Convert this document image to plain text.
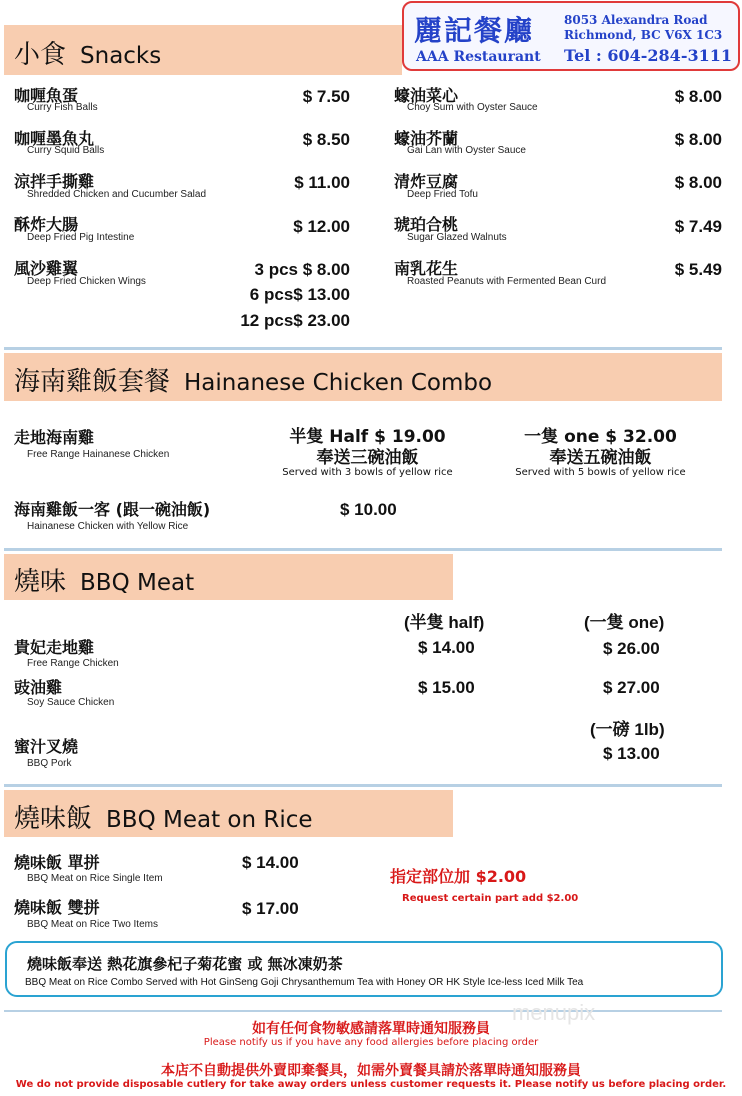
麗記餐廳
AAA Restaurant
8053 Alexandra Road
Richmond, BC V6X 1C3
Tel : 604-284-3111
小食 Snacks
咖喱魚蛋
Curry Fish Balls
$ 7.50
咖喱墨魚丸
Curry Squid Balls
$ 8.50
涼拌手撕雞
Shredded Chicken and Cucumber Salad
$ 11.00
酥炸大腸
Deep Fried Pig Intestine
$ 12.00
風沙雞翼
Deep Fried Chicken Wings
3 pcs $ 8.00
6 pcs$ 13.00
12 pcs$ 23.00
蠔油菜心
Choy Sum with Oyster Sauce
$ 8.00
蠔油芥蘭
Gai Lan with Oyster Sauce
$ 8.00
清炸豆腐
Deep Fried Tofu
$ 8.00
琥珀合桃
Sugar Glazed Walnuts
$ 7.49
南乳花生
Roasted Peanuts with Fermented Bean Curd
$ 5.49
海南雞飯套餐 Hainanese Chicken Combo
走地海南雞
Free Range Hainanese Chicken
半隻 Half $ 19.00
奉送三碗油飯
Served with 3 bowls of yellow rice
一隻 one $ 32.00
奉送五碗油飯
Served with 5 bowls of yellow rice
海南雞飯一客 (跟一碗油飯)
Hainanese Chicken with Yellow Rice
$ 10.00
燒味 BBQ Meat
(半隻 half)	(一隻 one)
貴妃走地雞
Free Range Chicken
$ 14.00	$ 26.00
豉油雞
Soy Sauce Chicken
$ 15.00	$ 27.00
(一磅 1lb)
蜜汁叉燒
BBQ Pork
$ 13.00
燒味飯 BBQ Meat on Rice
燒味飯 單拼
BBQ Meat on Rice Single Item
$ 14.00
燒味飯 雙拼
BBQ Meat on Rice Two Items
$ 17.00
指定部位加 $2.00
Request certain part add $2.00
燒味飯奉送 熱花旗參杞子菊花蜜 或 無冰凍奶茶
BBQ Meat on Rice Combo Served with Hot GinSeng Goji Chrysanthemum Tea with Honey OR HK Style Ice-less Iced Milk Tea
menupix
如有任何食物敏感請落單時通知服務員
Please notify us if you have any food allergies before placing order
本店不自動提供外賣即棄餐具，如需外賣餐具請於落單時通知服務員
We do not provide disposable cutlery for take away orders unless customer requests it. Please notify us before placing order.
